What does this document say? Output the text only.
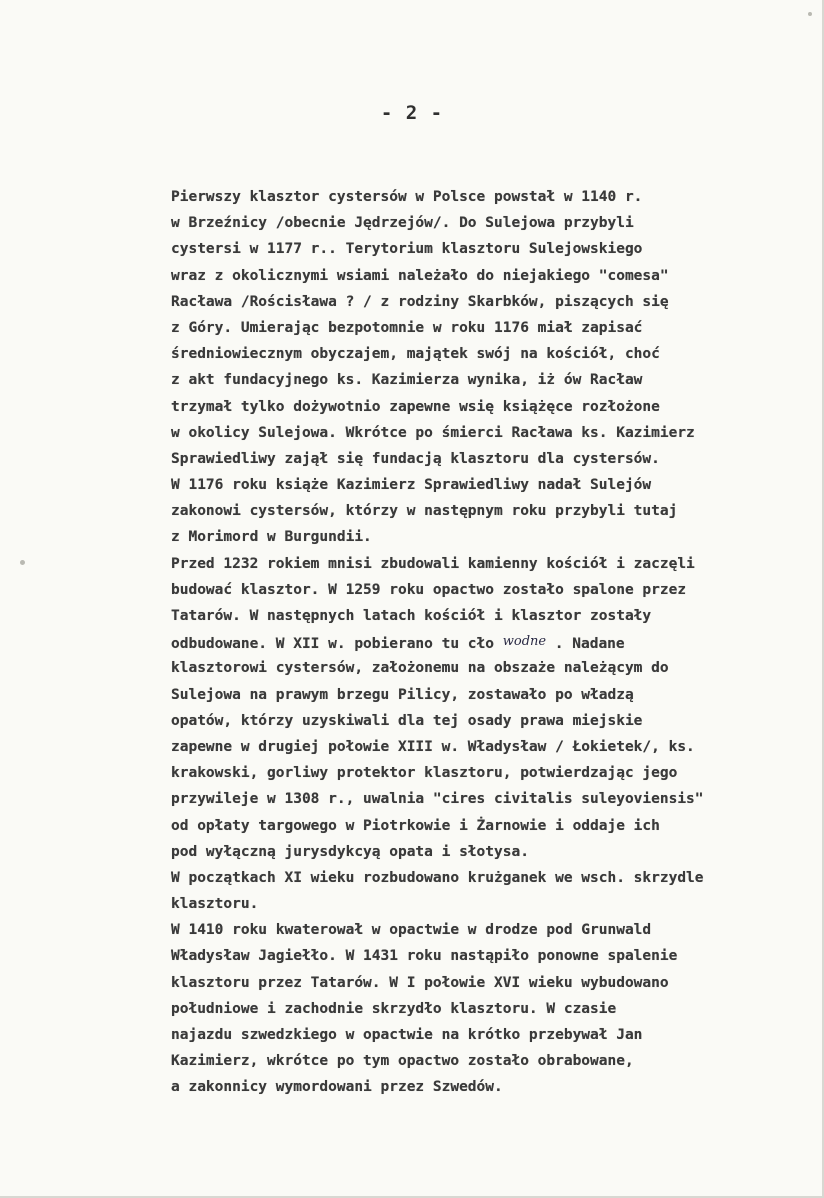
- 2 -
Pierwszy klasztor cystersów w Polsce powstał w 1140 r.
w Brzeźnicy /obecnie Jędrzejów/. Do Sulejowa przybyli
cystersi w 1177 r.. Terytorium klasztoru Sulejowskiego
wraz z okolicznymi wsiami należało do niejakiego "comesa"
Racława /Rościsława ? / z rodziny Skarbków, piszących się
z Góry. Umierając bezpotomnie w roku 1176 miał zapisać
średniowiecznym obyczajem, majątek swój na kościół, choć
z akt fundacyjnego ks. Kazimierza wynika, iż ów Racław
trzymał tylko dożywotnio zapewne wsię książęce rozłożone
w okolicy Sulejowa. Wkrótce po śmierci Racława ks. Kazimierz
Sprawiedliwy zajął się fundacją klasztoru dla cystersów.
W 1176 roku książe Kazimierz Sprawiedliwy nadał Sulejów
zakonowi cystersów, którzy w następnym roku przybyli tutaj
z Morimord w Burgundii.
Przed 1232 rokiem mnisi zbudowali kamienny kościół i zaczęli
budować klasztor. W 1259 roku opactwo zostało spalone przez
Tatarów. W następnych latach kościół i klasztor zostały
odbudowane. W XII w. pobierano tu cło wodne . Nadane
klasztorowi cystersów, założonemu na obszaże należącym do
Sulejowa na prawym brzegu Pilicy, zostawało po władzą
opatów, którzy uzyskiwali dla tej osady prawa miejskie
zapewne w drugiej połowie XIII w. Władysław / Łokietek/, ks.
krakowski, gorliwy protektor klasztoru, potwierdzając jego
przywileje w 1308 r., uwalnia "cires civitalis suleyoviensis"
od opłaty targowego w Piotrkowie i Żarnowie i oddaje ich
pod wyłączną jurysdykcyą opata i słotysa.
W początkach XI wieku rozbudowano krużganek we wsch. skrzydle
klasztoru.
W 1410 roku kwaterował w opactwie w drodze pod Grunwald
Władysław Jagiełło. W 1431 roku nastąpiło ponowne spalenie
klasztoru przez Tatarów. W I połowie XVI wieku wybudowano
południowe i zachodnie skrzydło klasztoru. W czasie
najazdu szwedzkiego w opactwie na krótko przebywał Jan
Kazimierz, wkrótce po tym opactwo zostało obrabowane,
a zakonnicy wymordowani przez Szwedów.
